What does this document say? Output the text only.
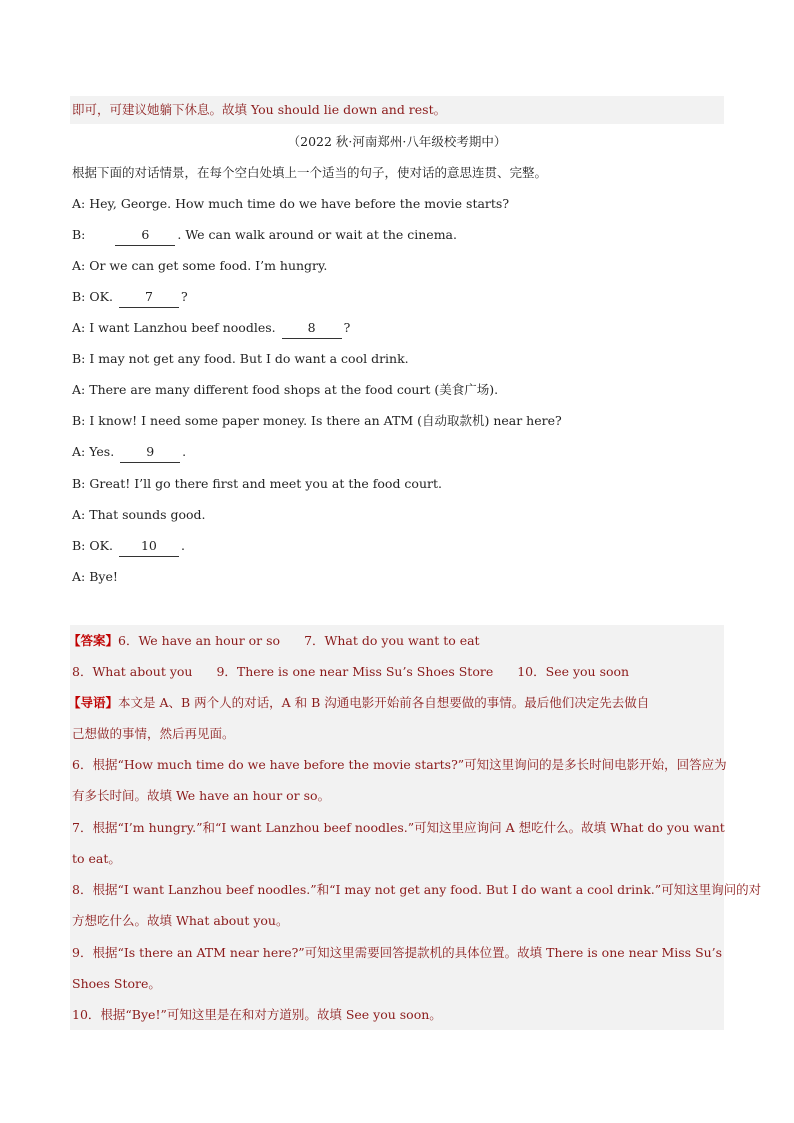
即可，可建议她躺下休息。故填 You should lie down and rest。
（2022 秋·河南郑州·八年级校考期中）
根据下面的对话情景，在每个空白处填上一个适当的句子，使对话的意思连贯、完整。
A: Hey, George. How much time do we have before the movie starts?
B:	6 . We can walk around or wait at the cinema.
A: Or we can get some food. I’m hungry.
B: OK.	7 ?
A: I want Lanzhou beef noodles.	8 ?
B: I may not get any food. But I do want a cool drink.
A: There are many different food shops at the food court (美食广场).
B: I know! I need some paper money. Is there an ATM (自动取款机) near here?
A: Yes.	9 .
B: Great! I’ll go there first and meet you at the food court.
A: That sounds good.
B: OK. 10 .
A: Bye!
【答案】6．We have an hour or so 7．What do you want to eat
8．What about you 9．There is one near Miss Su’s Shoes Store 10．See you soon
【导语】本文是 A、B 两个人的对话，A 和 B 沟通电影开始前各自想要做的事情。最后他们决定先去做自
己想做的事情，然后再见面。
6．根据“How much time do we have before the movie starts?”可知这里询问的是多长时间电影开始，回答应为
有多长时间。故填 We have an hour or so。
7．根据“I’m hungry.”和“I want Lanzhou beef noodles.”可知这里应询问 A 想吃什么。故填 What do you want
to eat。
8．根据“I want Lanzhou beef noodles.”和“I may not get any food. But I do want a cool drink.”可知这里询问的对
方想吃什么。故填 What about you。
9．根据“Is there an ATM near here?”可知这里需要回答提款机的具体位置。故填 There is one near Miss Su’s
Shoes Store。
10．根据“Bye!”可知这里是在和对方道别。故填 See you soon。
